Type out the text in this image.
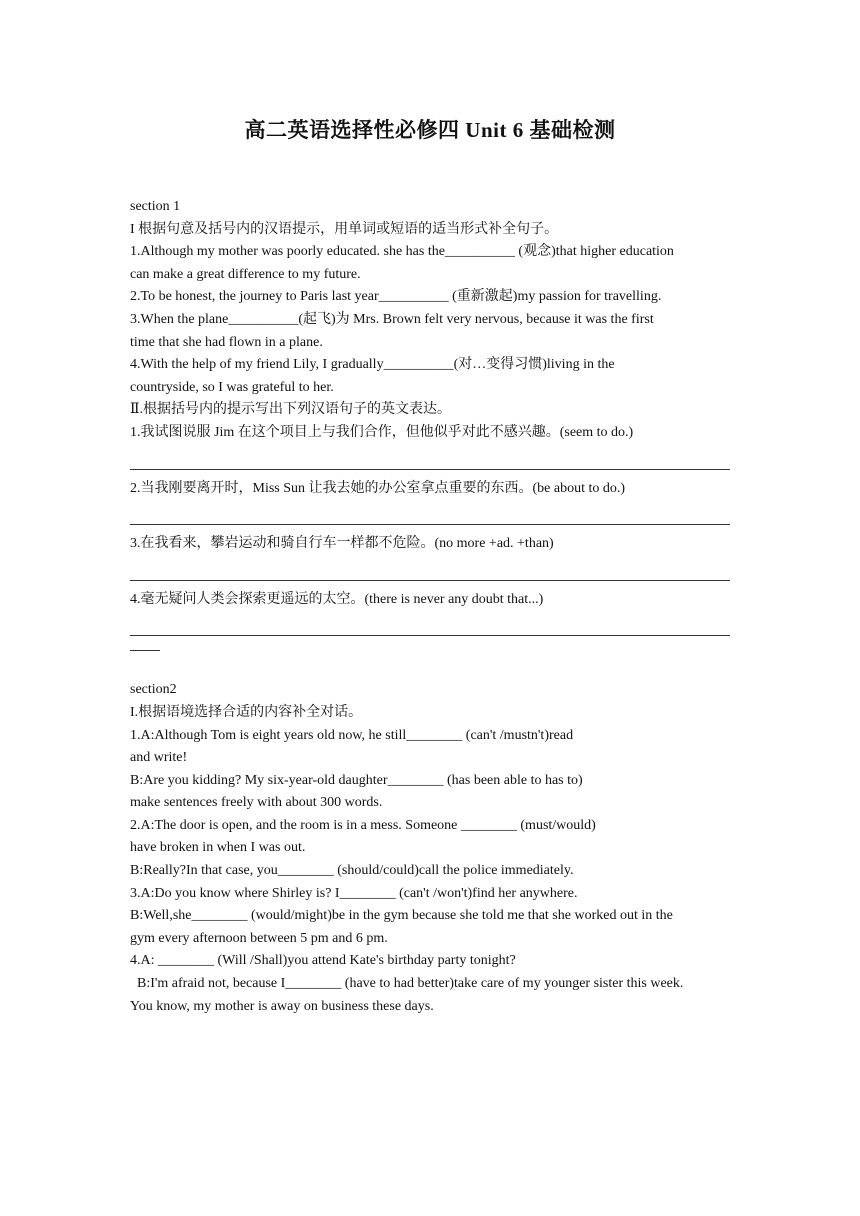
高二英语选择性必修四 Unit 6 基础检测
section 1
I 根据句意及括号内的汉语提示，用单词或短语的适当形式补全句子。
1.Although my mother was poorly educated. she has the__________ (观念)that higher education
can make a great difference to my future.
2.To be honest, the journey to Paris last year__________ (重新激起)my passion for travelling.
3.When the plane__________(起飞)为 Mrs. Brown felt very nervous, because it was the first
time that she had flown in a plane.
4.With the help of my friend Lily, I gradually__________(对…变得习惯)living in the
countryside, so I was grateful to her.
Ⅱ.根据括号内的提示写出下列汉语句子的英文表达。
1.我试图说服 Jim 在这个项目上与我们合作，但他似乎对此不感兴趣。(seem to do.)
2.当我刚要离开时，Miss Sun 让我去她的办公室拿点重要的东西。(be about to do.)
3.在我看来，攀岩运动和骑自行车一样都不危险。(no more +ad. +than)
4.毫无疑问人类会探索更遥远的太空。(there is never any doubt that...)
section2
I.根据语境选择合适的内容补全对话。
1.A:Although Tom is eight years old now, he still________ (can't /mustn't)read
and write!
B:Are you kidding? My six-year-old daughter________ (has been able to has to)
make sentences freely with about 300 words.
2.A:The door is open, and the room is in a mess. Someone ________ (must/would)
have broken in when I was out.
B:Really?In that case, you________ (should/could)call the police immediately.
3.A:Do you know where Shirley is? I________ (can't /won't)find her anywhere.
B:Well,she________ (would/might)be in the gym because she told me that she worked out in the
gym every afternoon between 5 pm and 6 pm.
4.A: ________ (Will /Shall)you attend Kate's birthday party tonight?
B:I'm afraid not, because I________ (have to had better)take care of my younger sister this week.
You know, my mother is away on business these days.
